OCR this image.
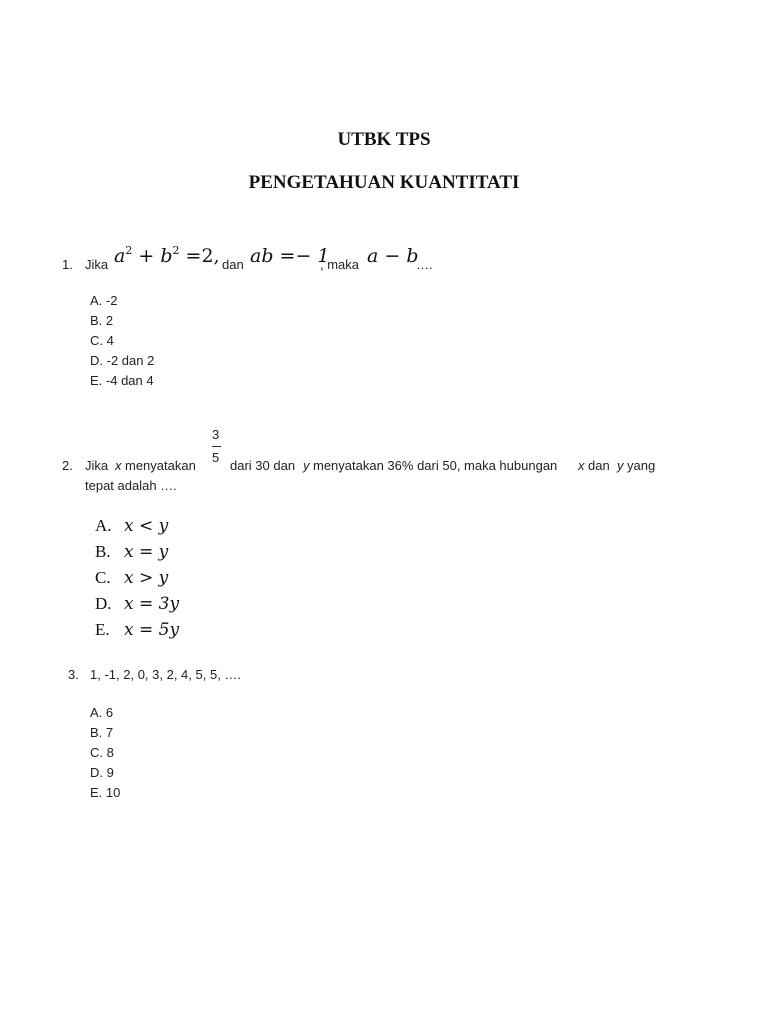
UTBK TPS
PENGETAHUAN KUANTITATI
1. Jika $a^2 + b^2 =2$, dan ab =− 1
, maka a − b
….
A. -2
B. 2
C. 4
D. -2 dan 2
E. -4 dan 4
2. Jika x menyatakan
3
5
dari 30 dan y menyatakan 36% dari 50, maka hubungan x dan y yang
tepat adalah ….
A. x < y
B. x = y
C. x > y
D. x = 3y
E. x = 5y
3. 1, -1, 2, 0, 3, 2, 4, 5, 5, ….
A. 6
B. 7
C. 8
D. 9
E. 10
